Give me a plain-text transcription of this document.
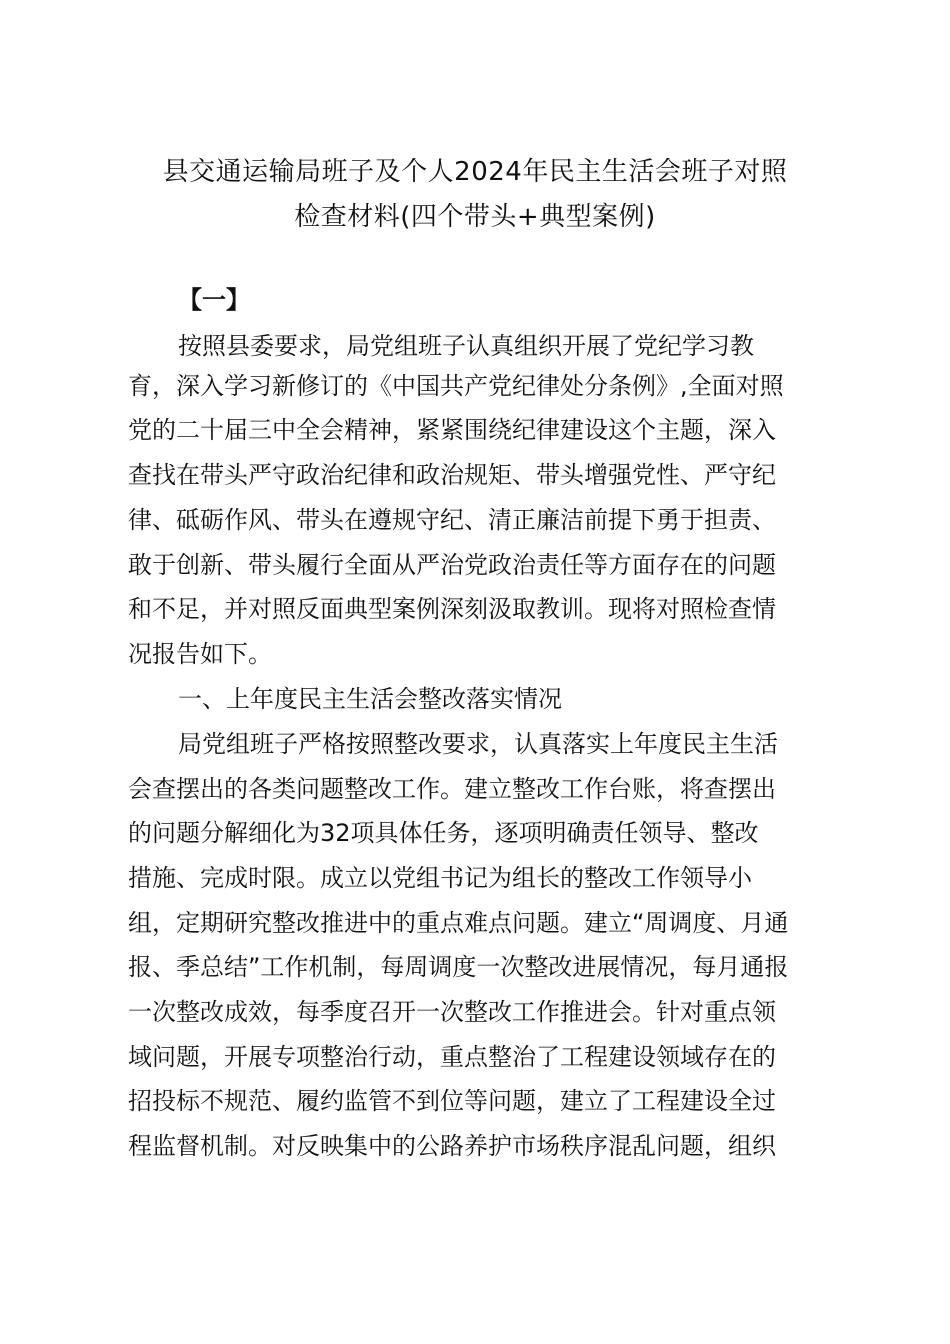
县交通运输局班子及个人2024年民主生活会班子对照
检查材料(四个带头+典型案例)
【一】
按照县委要求，局党组班子认真组织开展了党纪学习教
育，深入学习新修订的《中国共产党纪律处分条例》,全面对照
党的二十届三中全会精神，紧紧围绕纪律建设这个主题，深入
查找在带头严守政治纪律和政治规矩、带头增强党性、严守纪
律、砥砺作风、带头在遵规守纪、清正廉洁前提下勇于担责、
敢于创新、带头履行全面从严治党政治责任等方面存在的问题
和不足，并对照反面典型案例深刻汲取教训。现将对照检查情
况报告如下。
一、上年度民主生活会整改落实情况
局党组班子严格按照整改要求，认真落实上年度民主生活
会查摆出的各类问题整改工作。建立整改工作台账，将查摆出
的问题分解细化为32项具体任务，逐项明确责任领导、整改
措施、完成时限。成立以党组书记为组长的整改工作领导小
组，定期研究整改推进中的重点难点问题。建立“周调度、月通
报、季总结”工作机制，每周调度一次整改进展情况，每月通报
一次整改成效，每季度召开一次整改工作推进会。针对重点领
域问题，开展专项整治行动，重点整治了工程建设领域存在的
招投标不规范、履约监管不到位等问题，建立了工程建设全过
程监督机制。对反映集中的公路养护市场秩序混乱问题，组织
